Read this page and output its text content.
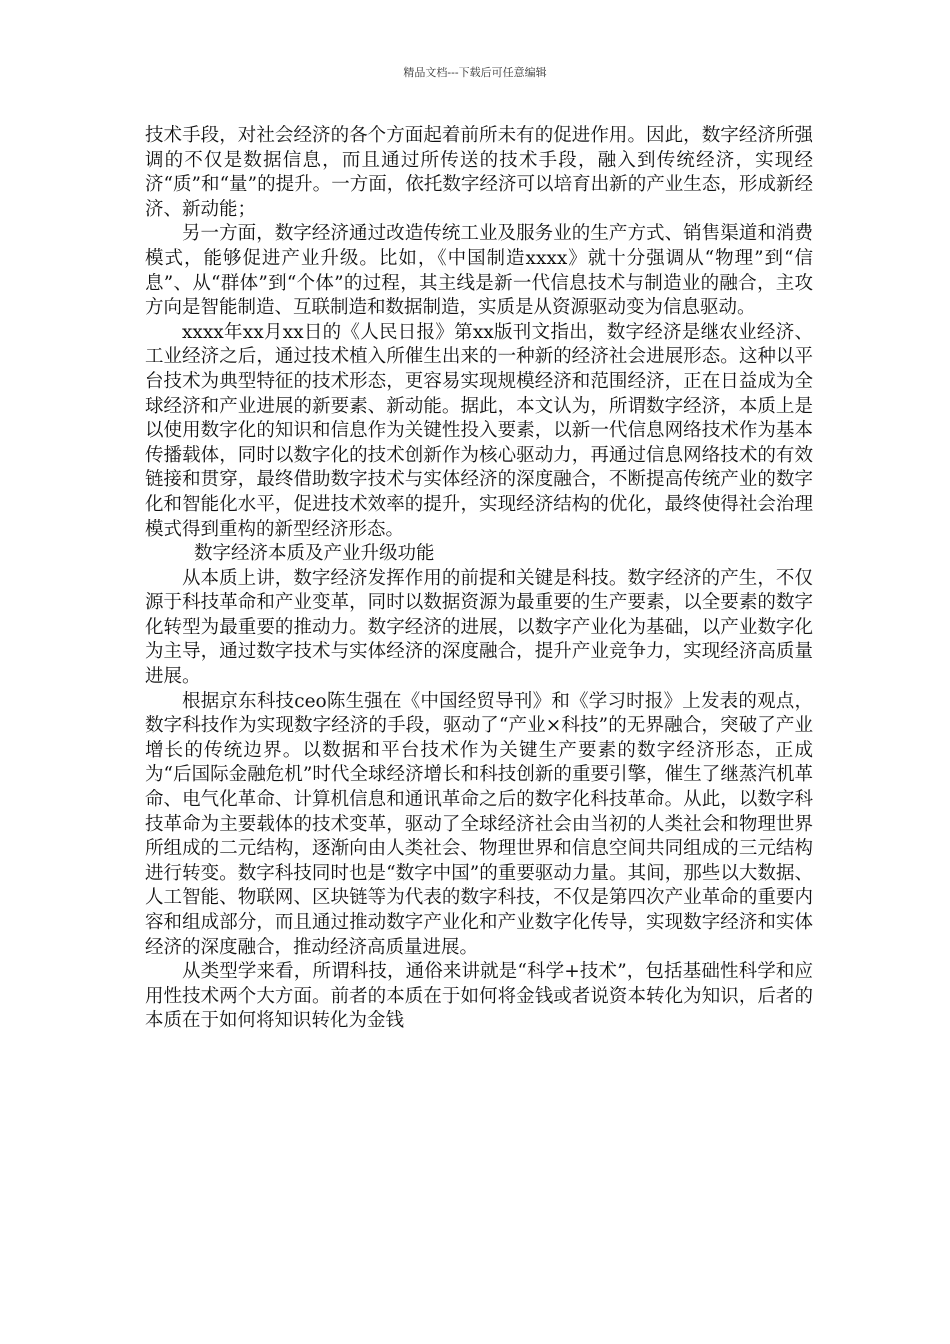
精品文档---下载后可任意编辑

技术手段，对社会经济的各个方面起着前所未有的促进作用。因此，数字经济所强调的不仅是数据信息，而且通过所传送的技术手段，融入到传统经济，实现经济“质”和“量”的提升。一方面，依托数字经济可以培育出新的产业生态，形成新经济、新动能；

另一方面，数字经济通过改造传统工业及服务业的生产方式、销售渠道和消费模式，能够促进产业升级。比如，《中国制造xxxx》就十分强调从“物理”到“信息”、从“群体”到“个体”的过程，其主线是新一代信息技术与制造业的融合，主攻方向是智能制造、互联制造和数据制造，实质是从资源驱动变为信息驱动。

xxxx年xx月xx日的《人民日报》第xx版刊文指出，数字经济是继农业经济、工业经济之后，通过技术植入所催生出来的一种新的经济社会进展形态。这种以平台技术为典型特征的技术形态，更容易实现规模经济和范围经济，正在日益成为全球经济和产业进展的新要素、新动能。据此，本文认为，所谓数字经济，本质上是以使用数字化的知识和信息作为关键性投入要素，以新一代信息网络技术作为基本传播载体，同时以数字化的技术创新作为核心驱动力，再通过信息网络技术的有效链接和贯穿，最终借助数字技术与实体经济的深度融合，不断提高传统产业的数字化和智能化水平，促进技术效率的提升，实现经济结构的优化，最终使得社会治理模式得到重构的新型经济形态。

数字经济本质及产业升级功能

从本质上讲，数字经济发挥作用的前提和关键是科技。数字经济的产生，不仅源于科技革命和产业变革，同时以数据资源为最重要的生产要素，以全要素的数字化转型为最重要的推动力。数字经济的进展，以数字产业化为基础，以产业数字化为主导，通过数字技术与实体经济的深度融合，提升产业竞争力，实现经济高质量进展。

根据京东科技ceo陈生强在《中国经贸导刊》和《学习时报》上发表的观点，数字科技作为实现数字经济的手段，驱动了“产业×科技”的无界融合，突破了产业增长的传统边界。以数据和平台技术作为关键生产要素的数字经济形态，正成为“后国际金融危机”时代全球经济增长和科技创新的重要引擎，催生了继蒸汽机革命、电气化革命、计算机信息和通讯革命之后的数字化科技革命。从此，以数字科技革命为主要载体的技术变革，驱动了全球经济社会由当初的人类社会和物理世界所组成的二元结构，逐渐向由人类社会、物理世界和信息空间共同组成的三元结构进行转变。数字科技同时也是“数字中国”的重要驱动力量。其间，那些以大数据、人工智能、物联网、区块链等为代表的数字科技，不仅是第四次产业革命的重要内容和组成部分，而且通过推动数字产业化和产业数字化传导，实现数字经济和实体经济的深度融合，推动经济高质量进展。

从类型学来看，所谓科技，通俗来讲就是“科学+技术”，包括基础性科学和应用性技术两个大方面。前者的本质在于如何将金钱或者说资本转化为知识，后者的本质在于如何将知识转化为金钱
